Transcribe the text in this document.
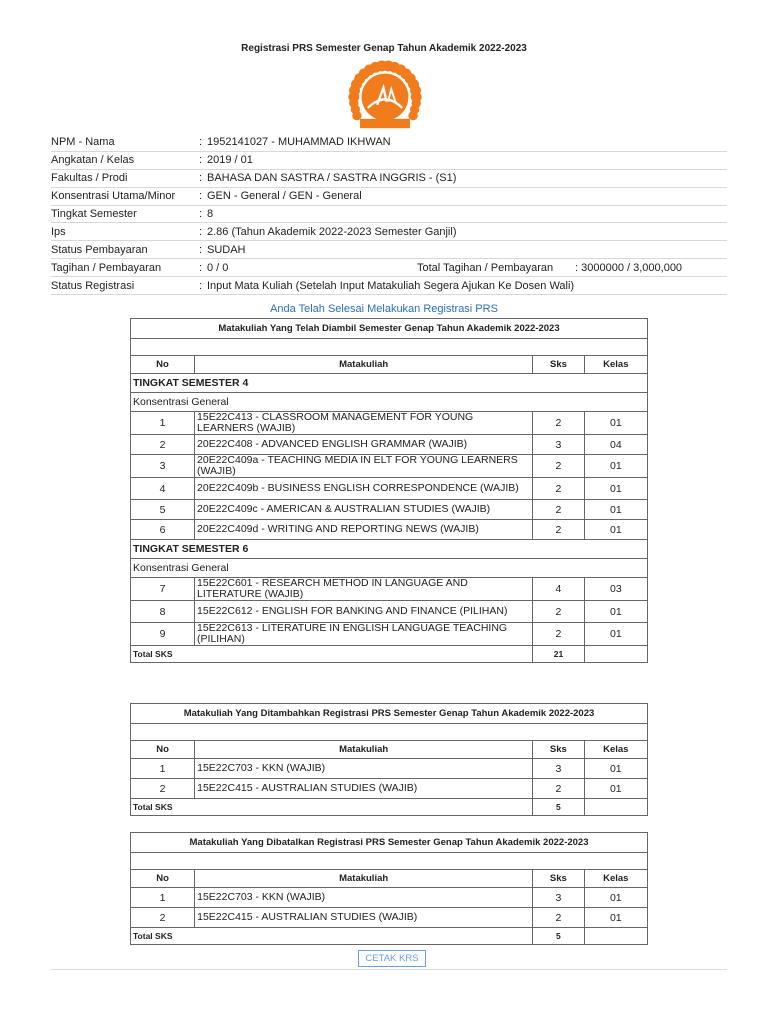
Registrasi PRS Semester Genap Tahun Akademik 2022-2023
NPM - Nama	:	1952141027 - MUHAMMAD IKHWAN
Angkatan / Kelas	:	2019 / 01
Fakultas / Prodi	:	BAHASA DAN SASTRA / SASTRA INGGRIS - (S1)
Konsentrasi Utama/Minor	:	GEN - General / GEN - General
Tingkat Semester	:	8
Ips	:	2.86 (Tahun Akademik 2022-2023 Semester Ganjil)
Status Pembayaran	:	SUDAH
Tagihan / Pembayaran	:	0 / 0 Total Tagihan / Pembayaran : 3000000 / 3,000,000
Status Registrasi	:	Input Mata Kuliah (Setelah Input Matakuliah Segera Ajukan Ke Dosen Wali)
Anda Telah Selesai Melakukan Registrasi PRS
Matakuliah Yang Telah Diambil Semester Genap Tahun Akademik 2022-2023			

No	Matakuliah	Sks	Kelas
TINGKAT SEMESTER 4			
Konsentrasi General			
1	15E22C413 - CLASSROOM MANAGEMENT FOR YOUNG LEARNERS (WAJIB)	2	01
2	20E22C408 - ADVANCED ENGLISH GRAMMAR (WAJIB)	3	04
3	20E22C409a - TEACHING MEDIA IN ELT FOR YOUNG LEARNERS (WAJIB)	2	01
4	20E22C409b - BUSINESS ENGLISH CORRESPONDENCE (WAJIB)	2	01
5	20E22C409c - AMERICAN & AUSTRALIAN STUDIES (WAJIB)	2	01
6	20E22C409d - WRITING AND REPORTING NEWS (WAJIB)	2	01
TINGKAT SEMESTER 6			
Konsentrasi General			
7	15E22C601 - RESEARCH METHOD IN LANGUAGE AND LITERATURE (WAJIB)	4	03
8	15E22C612 - ENGLISH FOR BANKING AND FINANCE (PILIHAN)	2	01
9	15E22C613 - LITERATURE IN ENGLISH LANGUAGE TEACHING (PILIHAN)	2	01
Total SKS		21	
Matakuliah Yang Ditambahkan Registrasi PRS Semester Genap Tahun Akademik 2022-2023			

No	Matakuliah	Sks	Kelas
1	15E22C703 - KKN (WAJIB)	3	01
2	15E22C415 - AUSTRALIAN STUDIES (WAJIB)	2	01
Total SKS		5	
Matakuliah Yang Dibatalkan Registrasi PRS Semester Genap Tahun Akademik 2022-2023			

No	Matakuliah	Sks	Kelas
1	15E22C703 - KKN (WAJIB)	3	01
2	15E22C415 - AUSTRALIAN STUDIES (WAJIB)	2	01
Total SKS		5	
CETAK KRS
